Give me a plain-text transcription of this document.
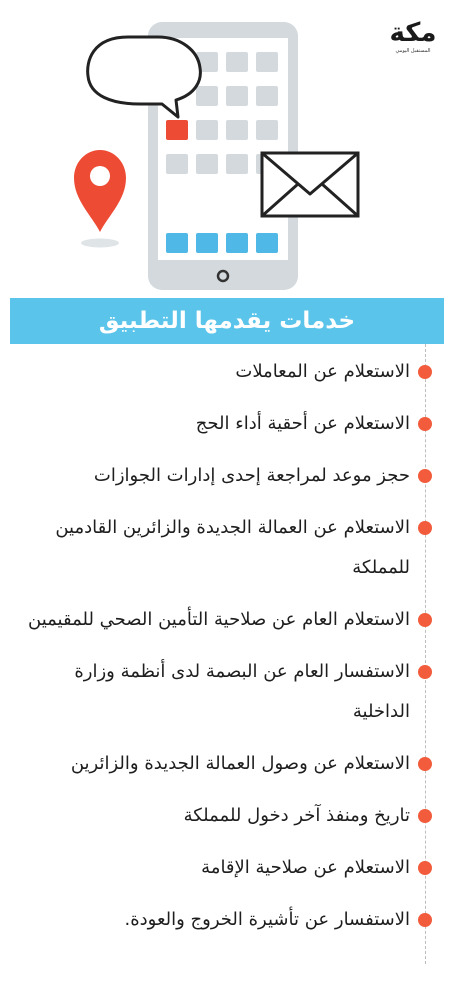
مكة
ﺍﻟﻤﺴﺘﻘﺒﻞ ﺍﻟﻴﻮﻣﻲ
خدمات يقدمها التطبيق
الاستعلام عن المعاملات
الاستعلام عن أحقية أداء الحج
حجز موعد لمراجعة إحدى إدارات الجوازات
الاستعلام عن العمالة الجديدة والزائرين القادمين للمملكة
الاستعلام العام عن صلاحية التأمين الصحي للمقيمين
الاستفسار العام عن البصمة لدى أنظمة وزارة الداخلية
الاستعلام عن وصول العمالة الجديدة والزائرين
تاريخ ومنفذ آخر دخول للمملكة
الاستعلام عن صلاحية الإقامة
الاستفسار عن تأشيرة الخروج والعودة.
